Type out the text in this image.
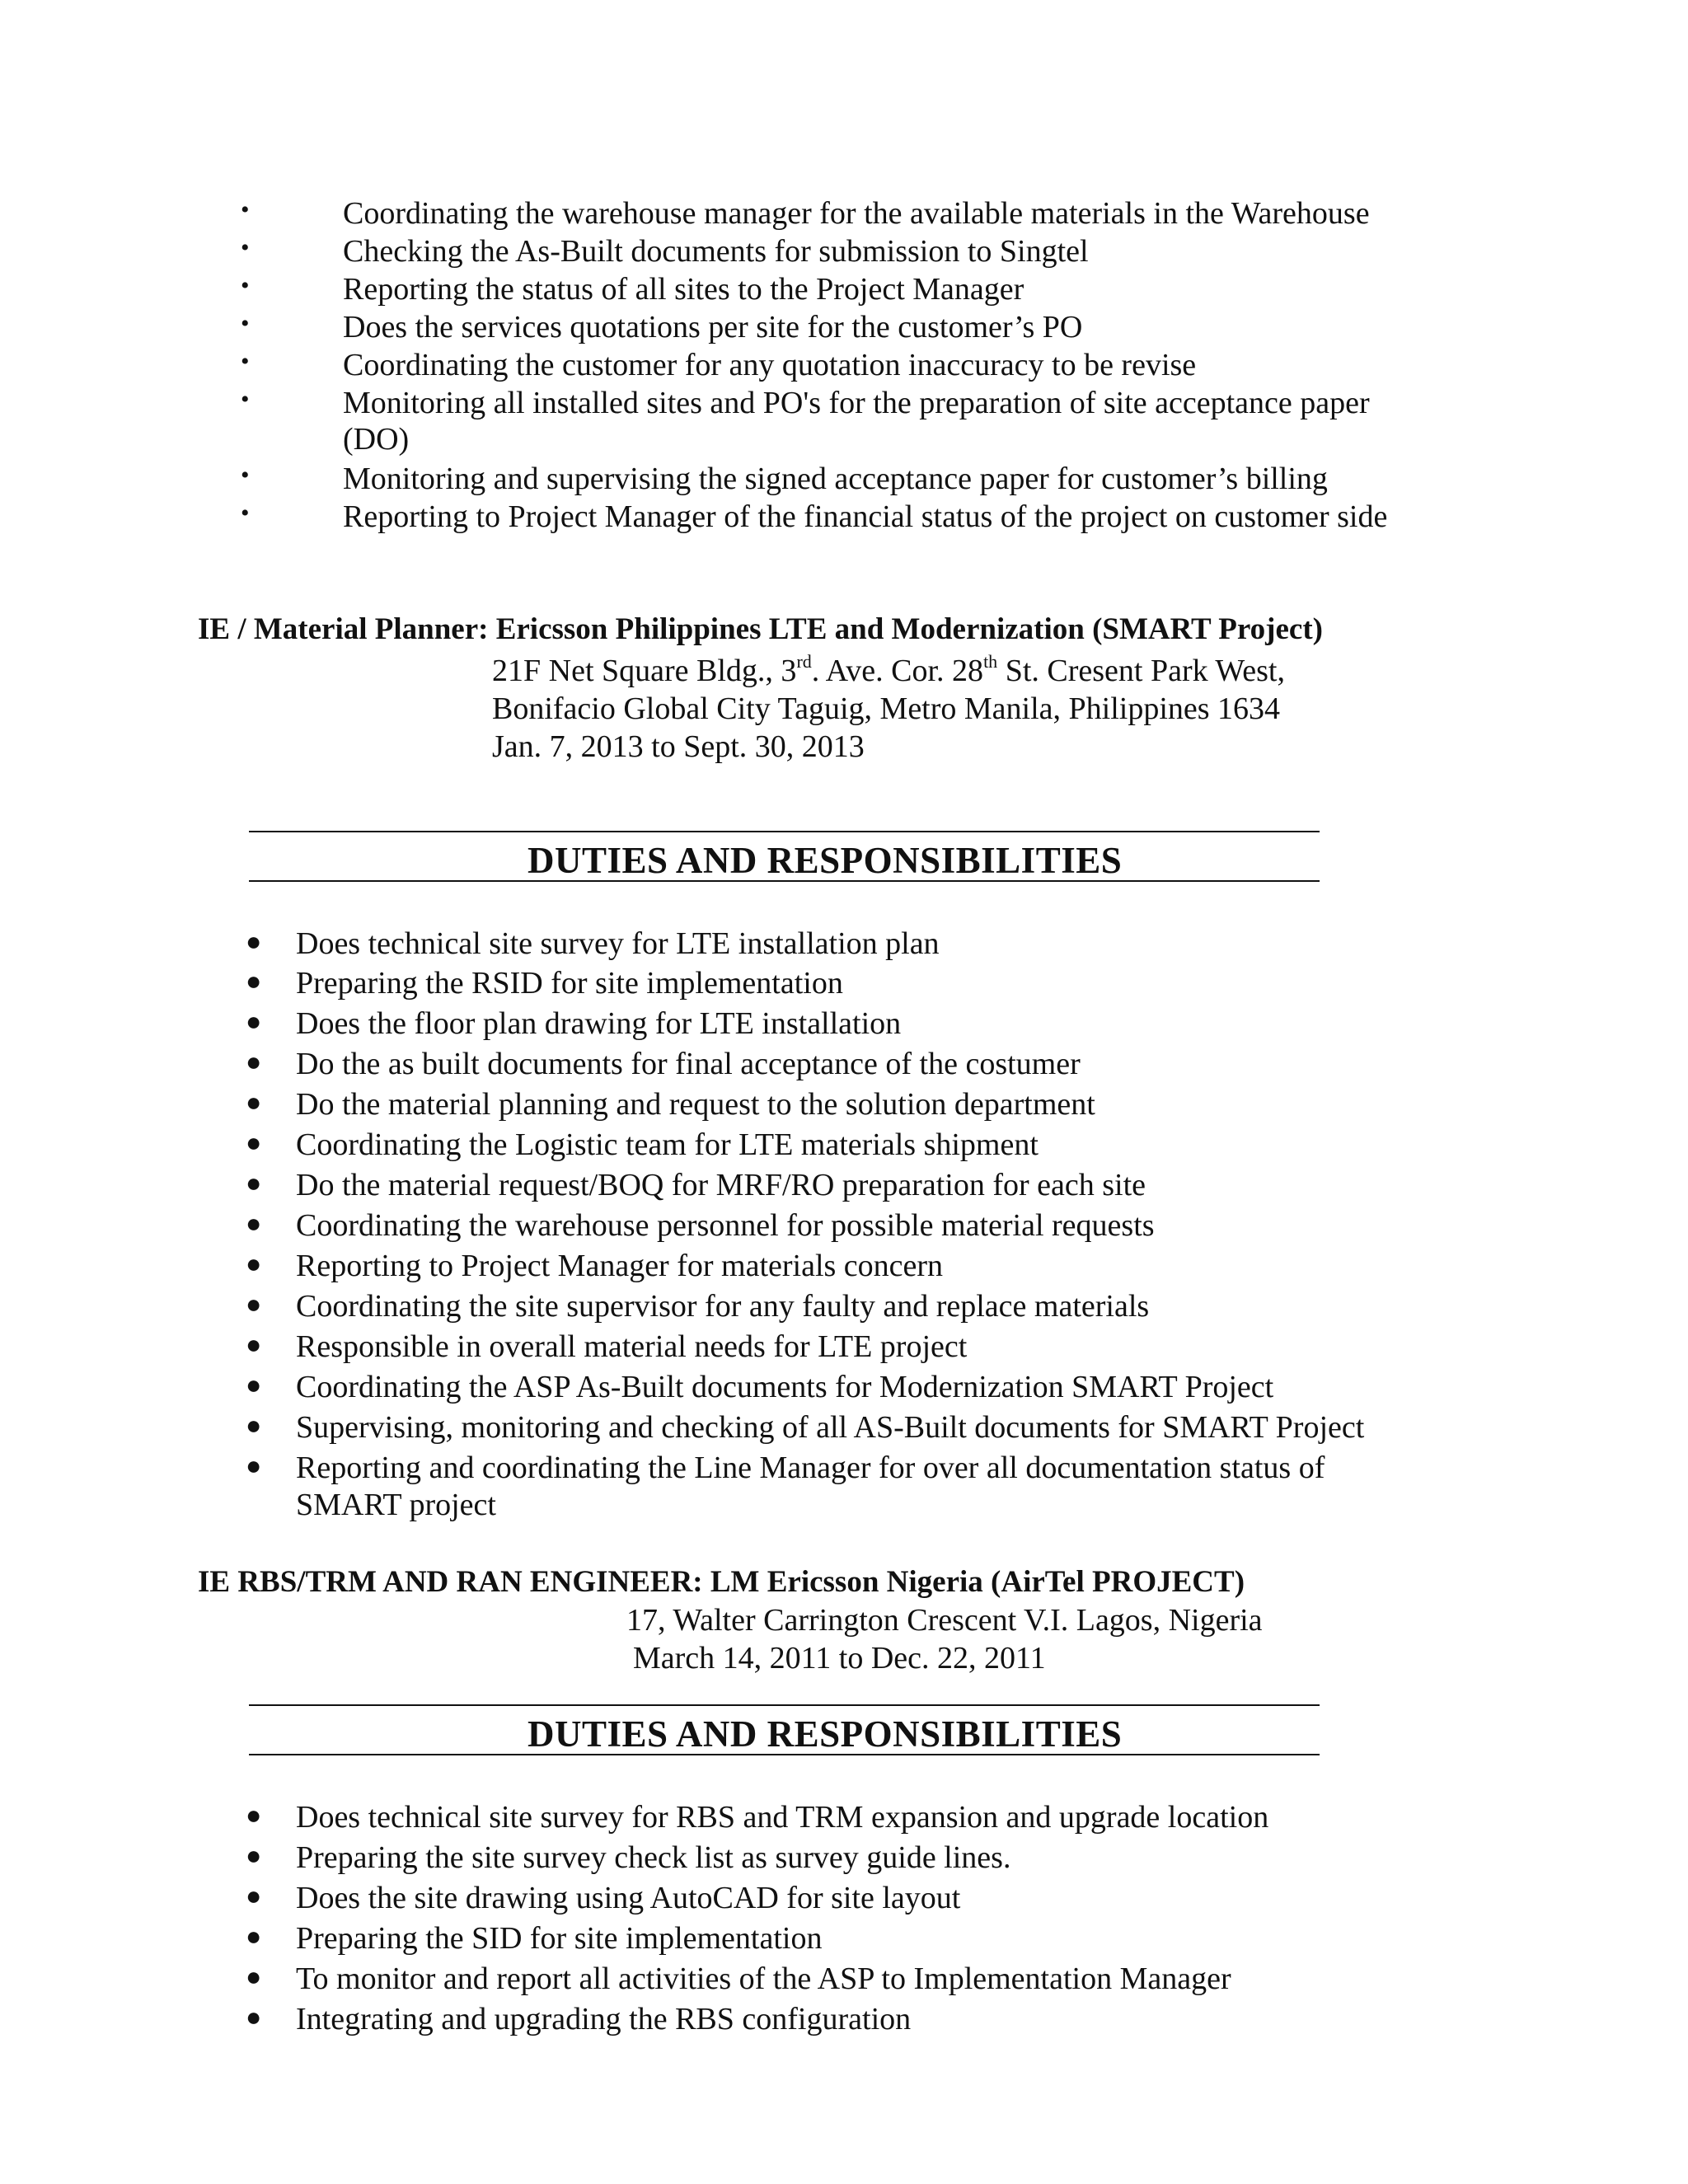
•	Coordinating the warehouse manager for the available materials in the Warehouse
•	Checking the As-Built documents for submission to Singtel
•	Reporting the status of all sites to the Project Manager
•	Does the services quotations per site for the customer’s PO
•	Coordinating the customer for any quotation inaccuracy to be revise
•	Monitoring all installed sites and PO's for the preparation of site acceptance paper
(DO)
•	Monitoring and supervising the signed acceptance paper for customer’s billing
•	Reporting to Project Manager of the financial status of the project on customer side
IE / Material Planner: Ericsson Philippines LTE and Modernization (SMART Project)
21F Net Square Bldg., 3rd. Ave. Cor. 28th St. Cresent Park West,
Bonifacio Global City Taguig, Metro Manila, Philippines 1634
Jan. 7, 2013 to Sept. 30, 2013
DUTIES AND RESPONSIBILITIES
● Does technical site survey for LTE installation plan
● Preparing the RSID for site implementation
● Does the floor plan drawing for LTE installation
● Do the as built documents for final acceptance of the costumer
● Do the material planning and request to the solution department
● Coordinating the Logistic team for LTE materials shipment
● Do the material request/BOQ for MRF/RO preparation for each site
● Coordinating the warehouse personnel for possible material requests
● Reporting to Project Manager for materials concern
● Coordinating the site supervisor for any faulty and replace materials
● Responsible in overall material needs for LTE project
● Coordinating the ASP As-Built documents for Modernization SMART Project
● Supervising, monitoring and checking of all AS-Built documents for SMART Project
● Reporting and coordinating the Line Manager for over all documentation status of
SMART project
IE RBS/TRM AND RAN ENGINEER: LM Ericsson Nigeria (AirTel PROJECT)
17, Walter Carrington Crescent V.I. Lagos, Nigeria
March 14, 2011 to Dec. 22, 2011
DUTIES AND RESPONSIBILITIES
● Does technical site survey for RBS and TRM expansion and upgrade location
● Preparing the site survey check list as survey guide lines.
● Does the site drawing using AutoCAD for site layout
● Preparing the SID for site implementation
● To monitor and report all activities of the ASP to Implementation Manager
● Integrating and upgrading the RBS configuration
